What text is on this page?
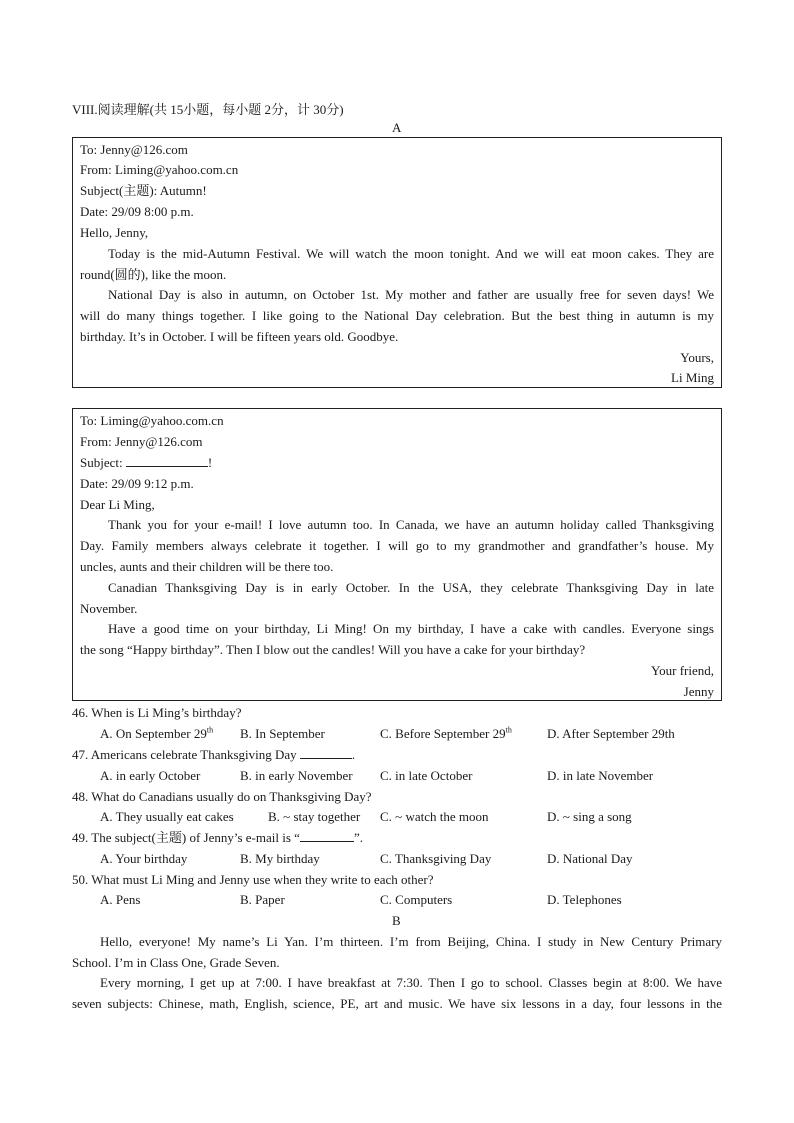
VIII.阅读理解(共 15小题，每小题 2分，计 30分)
A
To: Jenny@126.com
From: Liming@yahoo.com.cn
Subject(主题): Autumn!
Date: 29/09 8:00 p.m.
Hello, Jenny,
Today is the mid-Autumn Festival. We will watch the moon tonight. And we will eat moon cakes. They are
round(圆的), like the moon.
National Day is also in autumn, on October 1st. My mother and father are usually free for seven days! We
will do many things together. I like going to the National Day celebration. But the best thing in autumn is my
birthday. It’s in October. I will be fifteen years old. Goodbye.
Yours,
Li Ming
To: Liming@yahoo.com.cn
From: Jenny@126.com
Subject:	!
Date: 29/09 9:12 p.m.
Dear Li Ming,
Thank you for your e-mail! I love autumn too. In Canada, we have an autumn holiday called Thanksgiving
Day. Family members always celebrate it together. I will go to my grandmother and grandfather’s house. My
uncles, aunts and their children will be there too.
Canadian Thanksgiving Day is in early October. In the USA, they celebrate Thanksgiving Day in late
November.
Have a good time on your birthday, Li Ming! On my birthday, I have a cake with candles. Everyone sings
the song “Happy birthday”. Then I blow out the candles! Will you have a cake for your birthday?
Your friend,
Jenny
46. When is Li Ming’s birthday?
A. On September 29th B. In September	C. Before September 29th	D. After September 29th
47. Americans celebrate Thanksgiving Day	.
A. in early October	B. in early November C. in late October	D. in late November
48. What do Canadians usually do on Thanksgiving Day?
A. They usually eat cakes	B. ~ stay together C. ~ watch the moon	D. ~ sing a song
49. The subject(主题) of Jenny’s e-mail is “	”.
A. Your birthday	B. My birthday	C. Thanksgiving Day	D. National Day
50. What must Li Ming and Jenny use when they write to each other?
A. Pens	B. Paper	C. Computers	D. Telephones
B
Hello, everyone! My name’s Li Yan. I’m thirteen. I’m from Beijing, China. I study in New Century Primary
School. I’m in Class One, Grade Seven.
Every morning, I get up at 7:00. I have breakfast at 7:30. Then I go to school. Classes begin at 8:00. We have
seven subjects: Chinese, math, English, science, PE, art and music. We have six lessons in a day, four lessons in the
